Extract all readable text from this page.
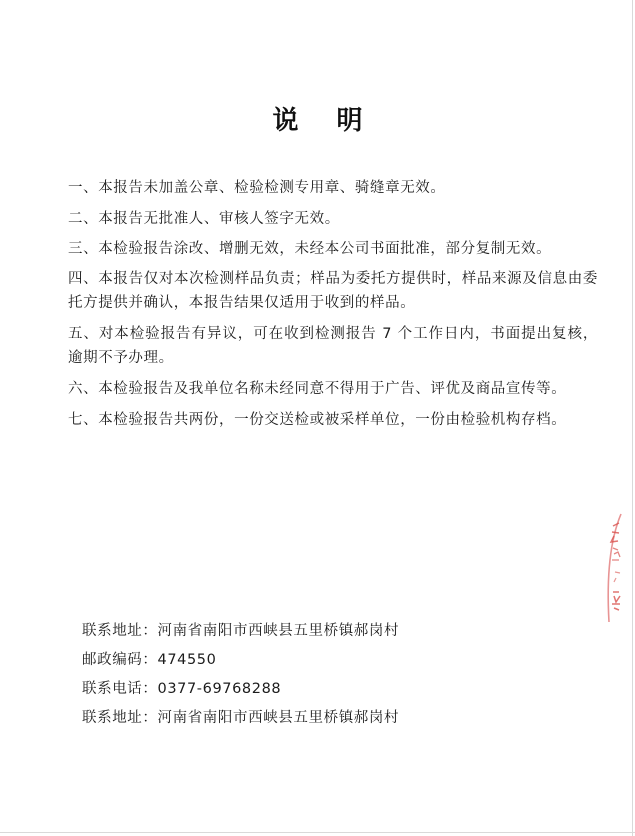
说明
一、本报告未加盖公章、检验检测专用章、骑缝章无效。
二、本报告无批准人、审核人签字无效。
三、本检验报告涂改、增删无效，未经本公司书面批准，部分复制无效。
四、本报告仅对本次检测样品负责；样品为委托方提供时，样品来源及信息由委托方提供并确认，本报告结果仅适用于收到的样品。
五、对本检验报告有异议，可在收到检测报告 7 个工作日内，书面提出复核，逾期不予办理。
六、本检验报告及我单位名称未经同意不得用于广告、评优及商品宣传等。
七、本检验报告共两份，一份交送检或被采样单位，一份由检验机构存档。
联系地址：河南省南阳市西峡县五里桥镇郝岗村
邮政编码：474550
联系电话：0377-69768288
联系地址：河南省南阳市西峡县五里桥镇郝岗村
